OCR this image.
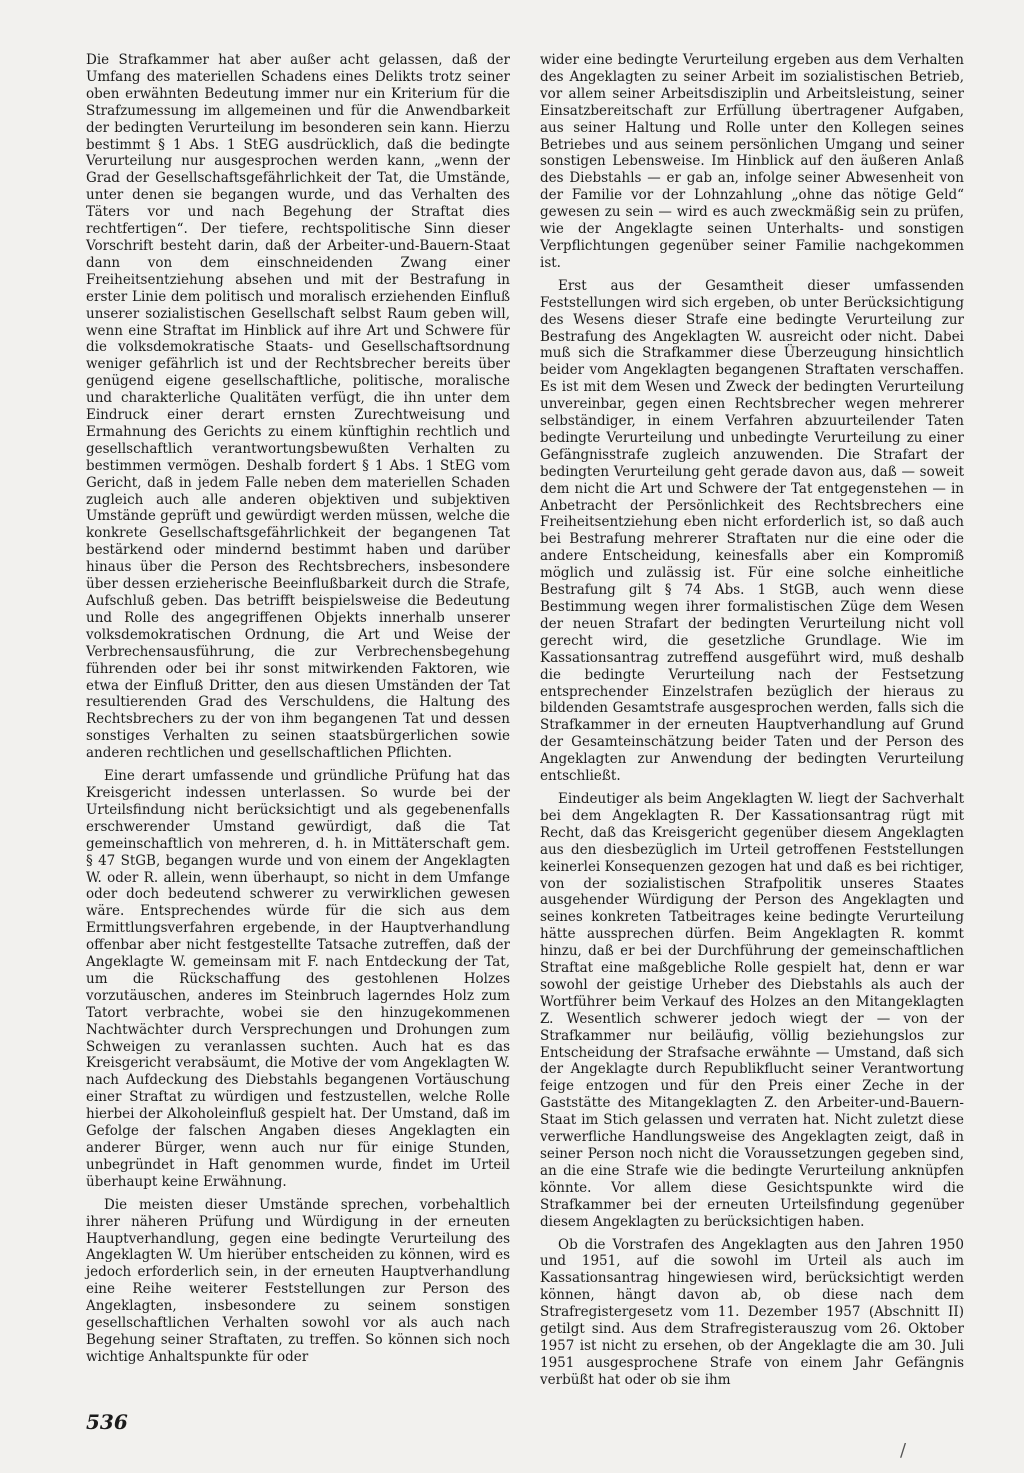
Die Strafkammer hat aber außer acht gelassen, daß der Umfang des materiellen Schadens eines Delikts trotz seiner oben erwähnten Bedeutung immer nur ein Kriterium für die Strafzumessung im allgemeinen und für die Anwendbarkeit der bedingten Verurteilung im besonderen sein kann. Hierzu bestimmt § 1 Abs. 1 StEG ausdrücklich, daß die bedingte Verurteilung nur ausgesprochen werden kann, „wenn der Grad der Gesellschaftsgefährlichkeit der Tat, die Umstände, unter denen sie begangen wurde, und das Verhalten des Täters vor und nach Begehung der Straftat dies rechtfertigen“. Der tiefere, rechtspolitische Sinn dieser Vorschrift besteht darin, daß der Arbeiter-und-Bauern-Staat dann von dem einschneidenden Zwang einer Freiheitsentziehung absehen und mit der Bestrafung in erster Linie dem politisch und moralisch erziehenden Einfluß unserer sozialistischen Gesellschaft selbst Raum geben will, wenn eine Straftat im Hinblick auf ihre Art und Schwere für die volksdemokratische Staats- und Gesellschaftsordnung weniger gefährlich ist und der Rechtsbrecher bereits über genügend eigene gesellschaftliche, politische, moralische und charakterliche Qualitäten verfügt, die ihn unter dem Eindruck einer derart ernsten Zurechtweisung und Ermahnung des Gerichts zu einem künftighin rechtlich und gesellschaftlich verantwortungsbewußten Verhalten zu bestimmen vermögen. Deshalb fordert § 1 Abs. 1 StEG vom Gericht, daß in jedem Falle neben dem materiellen Schaden zugleich auch alle anderen objektiven und subjektiven Umstände geprüft und gewürdigt werden müssen, welche die konkrete Gesellschaftsgefährlichkeit der begangenen Tat bestärkend oder mindernd bestimmt haben und darüber hinaus über die Person des Rechtsbrechers, insbesondere über dessen erzieherische Beeinflußbarkeit durch die Strafe, Aufschluß geben. Das betrifft beispielsweise die Bedeutung und Rolle des angegriffenen Objekts innerhalb unserer volksdemokratischen Ordnung, die Art und Weise der Verbrechensausführung, die zur Verbrechensbegehung führenden oder bei ihr sonst mitwirkenden Faktoren, wie etwa der Einfluß Dritter, den aus diesen Umständen der Tat resultierenden Grad des Verschuldens, die Haltung des Rechtsbrechers zu der von ihm begangenen Tat und dessen sonstiges Verhalten zu seinen staatsbürgerlichen sowie anderen rechtlichen und gesellschaftlichen Pflichten.

Eine derart umfassende und gründliche Prüfung hat das Kreisgericht indessen unterlassen. So wurde bei der Urteilsfindung nicht berücksichtigt und als gegebenenfalls erschwerender Umstand gewürdigt, daß die Tat gemeinschaftlich von mehreren, d. h. in Mittäterschaft gem. § 47 StGB, begangen wurde und von einem der Angeklagten W. oder R. allein, wenn überhaupt, so nicht in dem Umfange oder doch bedeutend schwerer zu verwirklichen gewesen wäre. Entsprechendes würde für die sich aus dem Ermittlungsverfahren ergebende, in der Hauptverhandlung offenbar aber nicht festgestellte Tatsache zutreffen, daß der Angeklagte W. gemeinsam mit F. nach Entdeckung der Tat, um die Rückschaffung des gestohlenen Holzes vorzutäuschen, anderes im Steinbruch lagerndes Holz zum Tatort verbrachte, wobei sie den hinzugekommenen Nachtwächter durch Versprechungen und Drohungen zum Schweigen zu veranlassen suchten. Auch hat es das Kreisgericht verabsäumt, die Motive der vom Angeklagten W. nach Aufdeckung des Diebstahls begangenen Vortäuschung einer Straftat zu würdigen und festzustellen, welche Rolle hierbei der Alkoholeinfluß gespielt hat. Der Umstand, daß im Gefolge der falschen Angaben dieses Angeklagten ein anderer Bürger, wenn auch nur für einige Stunden, unbegründet in Haft genommen wurde, findet im Urteil überhaupt keine Erwähnung.

Die meisten dieser Umstände sprechen, vorbehaltlich ihrer näheren Prüfung und Würdigung in der erneuten Hauptverhandlung, gegen eine bedingte Verurteilung des Angeklagten W. Um hierüber entscheiden zu können, wird es jedoch erforderlich sein, in der erneuten Hauptverhandlung eine Reihe weiterer Feststellungen zur Person des Angeklagten, insbesondere zu seinem sonstigen gesellschaftlichen Verhalten sowohl vor als auch nach Begehung seiner Straftaten, zu treffen. So können sich noch wichtige Anhaltspunkte für oder

wider eine bedingte Verurteilung ergeben aus dem Verhalten des Angeklagten zu seiner Arbeit im sozialistischen Betrieb, vor allem seiner Arbeitsdisziplin und Arbeitsleistung, seiner Einsatzbereitschaft zur Erfüllung übertragener Aufgaben, aus seiner Haltung und Rolle unter den Kollegen seines Betriebes und aus seinem persönlichen Umgang und seiner sonstigen Lebensweise. Im Hinblick auf den äußeren Anlaß des Diebstahls — er gab an, infolge seiner Abwesenheit von der Familie vor der Lohnzahlung „ohne das nötige Geld“ gewesen zu sein — wird es auch zweckmäßig sein zu prüfen, wie der Angeklagte seinen Unterhalts- und sonstigen Verpflichtungen gegenüber seiner Familie nachgekommen ist.

Erst aus der Gesamtheit dieser umfassenden Feststellungen wird sich ergeben, ob unter Berücksichtigung des Wesens dieser Strafe eine bedingte Verurteilung zur Bestrafung des Angeklagten W. ausreicht oder nicht. Dabei muß sich die Strafkammer diese Überzeugung hinsichtlich beider vom Angeklagten begangenen Straftaten verschaffen. Es ist mit dem Wesen und Zweck der bedingten Verurteilung unvereinbar, gegen einen Rechtsbrecher wegen mehrerer selbständiger, in einem Verfahren abzuurteilender Taten bedingte Verurteilung und unbedingte Verurteilung zu einer Gefängnisstrafe zugleich anzuwenden. Die Strafart der bedingten Verurteilung geht gerade davon aus, daß — soweit dem nicht die Art und Schwere der Tat entgegenstehen — in Anbetracht der Persönlichkeit des Rechtsbrechers eine Freiheitsentziehung eben nicht erforderlich ist, so daß auch bei Bestrafung mehrerer Straftaten nur die eine oder die andere Entscheidung, keinesfalls aber ein Kompromiß möglich und zulässig ist. Für eine solche einheitliche Bestrafung gilt § 74 Abs. 1 StGB, auch wenn diese Bestimmung wegen ihrer formalistischen Züge dem Wesen der neuen Strafart der bedingten Verurteilung nicht voll gerecht wird, die gesetzliche Grundlage. Wie im Kassationsantrag zutreffend ausgeführt wird, muß deshalb die bedingte Verurteilung nach der Festsetzung entsprechender Einzelstrafen bezüglich der hieraus zu bildenden Gesamtstrafe ausgesprochen werden, falls sich die Strafkammer in der erneuten Hauptverhandlung auf Grund der Gesamteinschätzung beider Taten und der Person des Angeklagten zur Anwendung der bedingten Verurteilung entschließt.

Eindeutiger als beim Angeklagten W. liegt der Sachverhalt bei dem Angeklagten R. Der Kassationsantrag rügt mit Recht, daß das Kreisgericht gegenüber diesem Angeklagten aus den diesbezüglich im Urteil getroffenen Feststellungen keinerlei Konsequenzen gezogen hat und daß es bei richtiger, von der sozialistischen Strafpolitik unseres Staates ausgehender Würdigung der Person des Angeklagten und seines konkreten Tatbeitrages keine bedingte Verurteilung hätte aussprechen dürfen. Beim Angeklagten R. kommt hinzu, daß er bei der Durchführung der gemeinschaftlichen Straftat eine maßgebliche Rolle gespielt hat, denn er war sowohl der geistige Urheber des Diebstahls als auch der Wortführer beim Verkauf des Holzes an den Mitangeklagten Z. Wesentlich schwerer jedoch wiegt der — von der Strafkammer nur beiläufig, völlig beziehungslos zur Entscheidung der Strafsache erwähnte — Umstand, daß sich der Angeklagte durch Republikflucht seiner Verantwortung feige entzogen und für den Preis einer Zeche in der Gaststätte des Mitangeklagten Z. den Arbeiter-und-Bauern-Staat im Stich gelassen und verraten hat. Nicht zuletzt diese verwerfliche Handlungsweise des Angeklagten zeigt, daß in seiner Person noch nicht die Voraussetzungen gegeben sind, an die eine Strafe wie die bedingte Verurteilung anknüpfen könnte. Vor allem diese Gesichtspunkte wird die Strafkammer bei der erneuten Urteilsfindung gegenüber diesem Angeklagten zu berücksichtigen haben.

Ob die Vorstrafen des Angeklagten aus den Jahren 1950 und 1951, auf die sowohl im Urteil als auch im Kassationsantrag hingewiesen wird, berücksichtigt werden können, hängt davon ab, ob diese nach dem Strafregistergesetz vom 11. Dezember 1957 (Abschnitt II) getilgt sind. Aus dem Strafregisterauszug vom 26. Oktober 1957 ist nicht zu ersehen, ob der Angeklagte die am 30. Juli 1951 ausgesprochene Strafe von einem Jahr Gefängnis verbüßt hat oder ob sie ihm

536
/
